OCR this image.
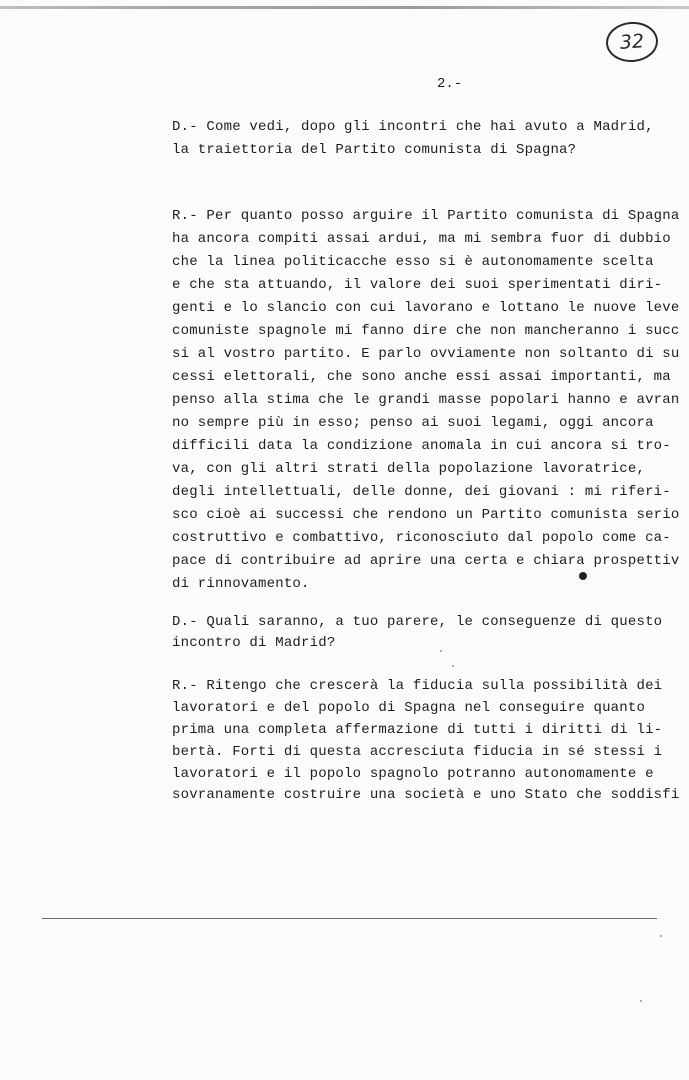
32
2.-
D.- Come vedi, dopo gli incontri che hai avuto a Madrid,
la traiettoria del Partito comunista di Spagna?
R.- Per quanto posso arguire il Partito comunista di Spagna
ha ancora compiti assai ardui, ma mi sembra fuor di dubbio
che la linea politicacche esso si è autonomamente scelta
e che sta attuando, il valore dei suoi sperimentati diri-
genti e lo slancio con cui lavorano e lottano le nuove leve
comuniste spagnole mi fanno dire che non mancheranno i succ
si al vostro partito. E parlo ovviamente non soltanto di su
cessi elettorali, che sono anche essi assai importanti, ma
penso alla stima che le grandi masse popolari hanno e avran
no sempre più in esso; penso ai suoi legami, oggi ancora
difficili data la condizione anomala in cui ancora si tro-
va, con gli altri strati della popolazione lavoratrice,
degli intellettuali, delle donne, dei giovani : mi riferi-
sco cioè ai successi che rendono un Partito comunista serio
costruttivo e combattivo, riconosciuto dal popolo come ca-
pace di contribuire ad aprire una certa e chiara prospettiv
di rinnovamento.
D.- Quali saranno, a tuo parere, le conseguenze di questo
incontro di Madrid?
R.- Ritengo che crescerà la fiducia sulla possibilità dei
lavoratori e del popolo di Spagna nel conseguire quanto
prima una completa affermazione di tutti i diritti di li-
bertà. Forti di questa accresciuta fiducia in sé stessi i
lavoratori e il popolo spagnolo potranno autonomamente e
sovranamente costruire una società e uno Stato che soddisfi
